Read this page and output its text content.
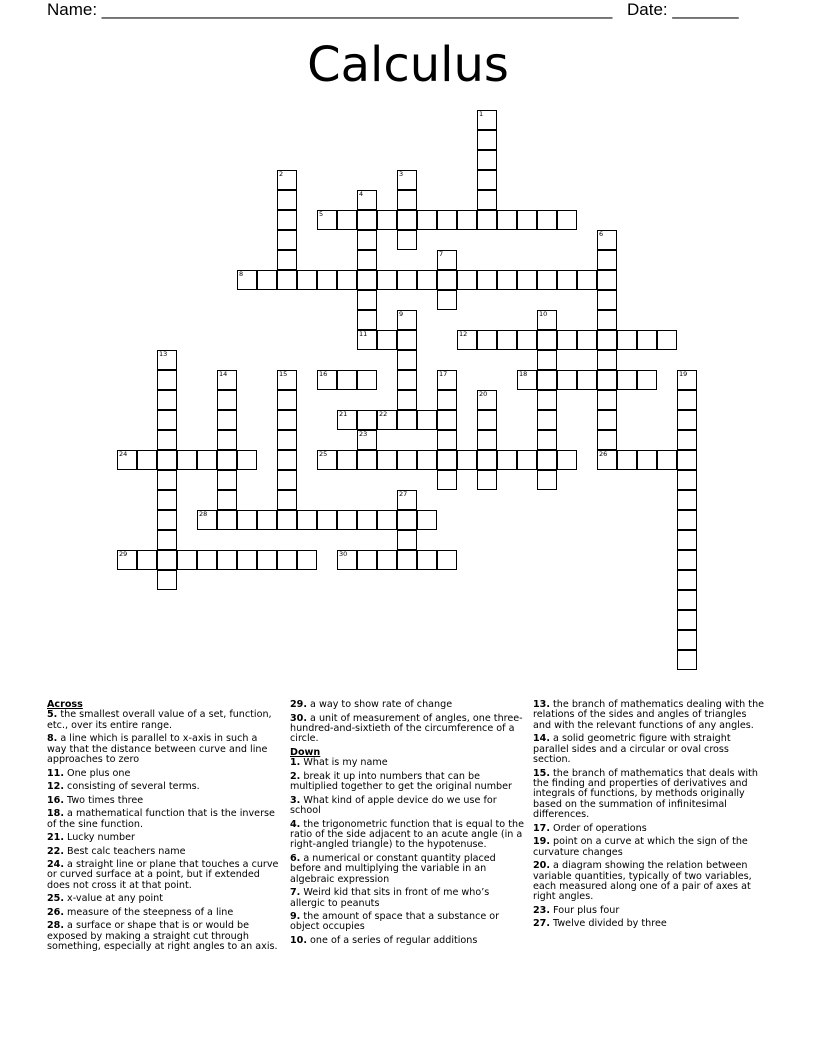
Name: ______________________________________________________ Date: _______
Calculus
5
8
11	12
16	18
21	22
23
24	25	26
28
29	30
1
2	3
4
6
7
9	10
13
14	15	17	19
20
27
Across
5. the smallest overall value of a set, function, etc., over its entire range.
8. a line which is parallel to x-axis in such a way that the distance between curve and line approaches to zero
11. One plus one
12. consisting of several terms.
16. Two times three
18. a mathematical function that is the inverse of the sine function.
21. Lucky number
22. Best calc teachers name
24. a straight line or plane that touches a curve or curved surface at a point, but if extended does not cross it at that point.
25. x-value at any point
26. measure of the steepness of a line
28. a surface or shape that is or would be exposed by making a straight cut through something, especially at right angles to an axis.
29. a way to show rate of change
30. a unit of measurement of angles, one three-hundred-and-sixtieth of the circumference of a circle.
Down
1. What is my name
2. break it up into numbers that can be multiplied together to get the original number
3. What kind of apple device do we use for school
4. the trigonometric function that is equal to the ratio of the side adjacent to an acute angle (in a right-angled triangle) to the hypotenuse.
6. a numerical or constant quantity placed before and multiplying the variable in an algebraic expression
7. Weird kid that sits in front of me who’s allergic to peanuts
9. the amount of space that a substance or object occupies
10. one of a series of regular additions
13. the branch of mathematics dealing with the relations of the sides and angles of triangles and with the relevant functions of any angles.
14. a solid geometric figure with straight parallel sides and a circular or oval cross section.
15. the branch of mathematics that deals with the finding and properties of derivatives and integrals of functions, by methods originally based on the summation of infinitesimal differences.
17. Order of operations
19. point on a curve at which the sign of the curvature changes
20. a diagram showing the relation between variable quantities, typically of two variables, each measured along one of a pair of axes at right angles.
23. Four plus four
27. Twelve divided by three
